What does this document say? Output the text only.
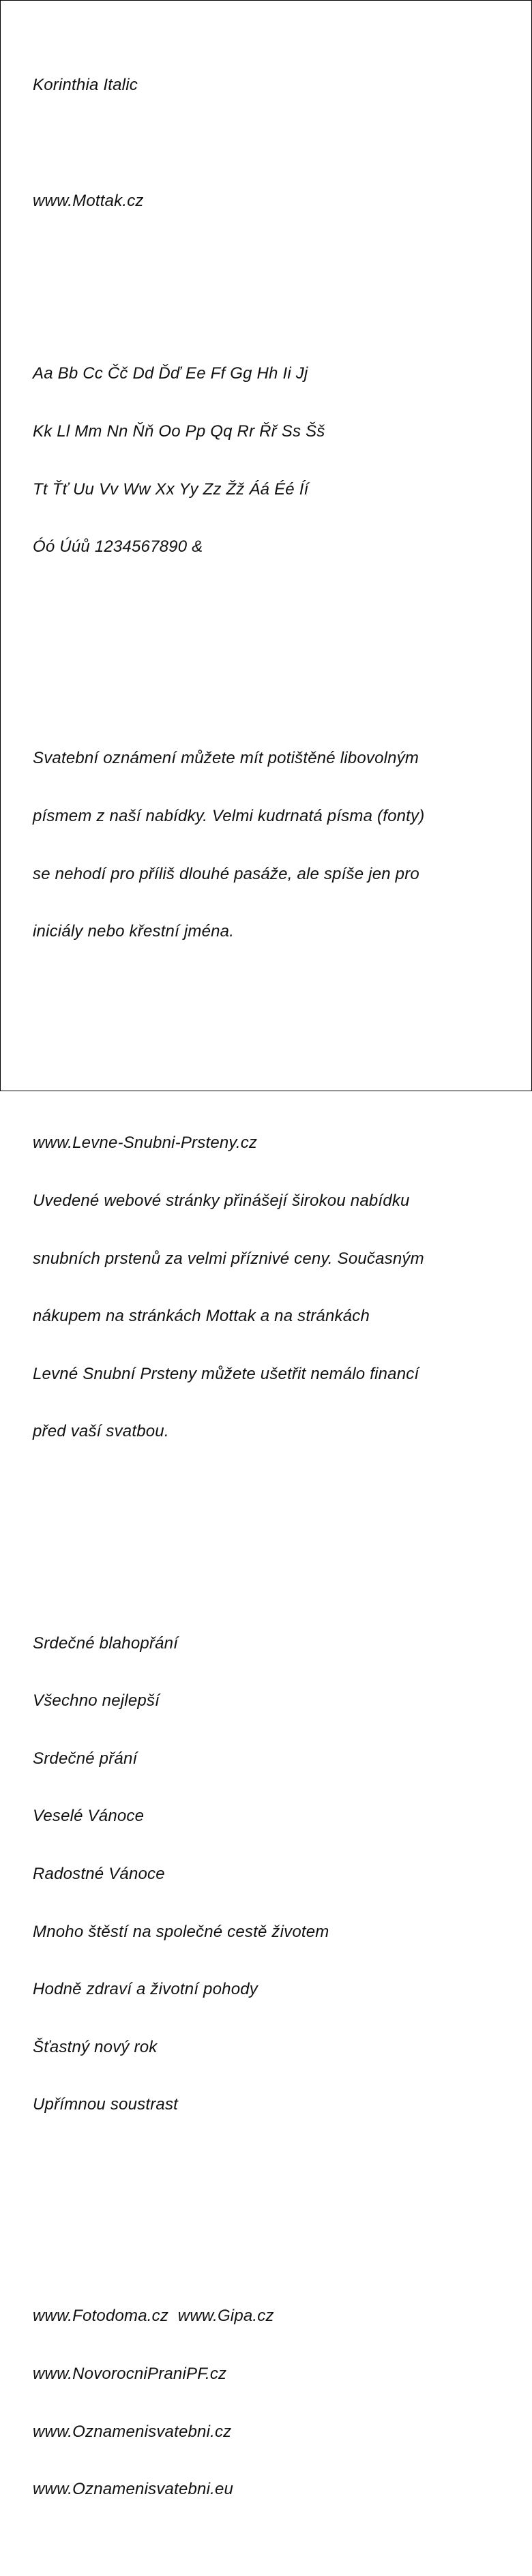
Korinthia Italic

www.Mottak.cz

Aa Bb Cc Čč Dd Ďď Ee Ff Gg Hh Ii Jj

Kk Ll Mm Nn Ňň Oo Pp Qq Rr Řř Ss Šš

Tt Ťť Uu Vv Ww Xx Yy Zz Žž Áá Éé Íí

Óó Úúů 1234567890 &

Svatební oznámení můžete mít potištěné libovolným

písmem z naší nabídky. Velmi kudrnatá písma (fonty)

se nehodí pro příliš dlouhé pasáže, ale spíše jen pro

iniciály nebo křestní jména.

www.Levne-Snubni-Prsteny.cz

Uvedené webové stránky přinášejí širokou nabídku

snubních prstenů za velmi příznivé ceny. Současným

nákupem na stránkách Mottak a na stránkách

Levné Snubní Prsteny můžete ušetřit nemálo financí

před vaší svatbou.

Srdečné blahopřání

Všechno nejlepší

Srdečné přání

Veselé Vánoce

Radostné Vánoce

Mnoho štěstí na společné cestě životem

Hodně zdraví a životní pohody

Šťastný nový rok

Upřímnou soustrast

www.Fotodoma.cz  www.Gipa.cz

www.NovorocniPraniPF.cz

www.Oznamenisvatebni.cz

www.Oznamenisvatebni.eu
